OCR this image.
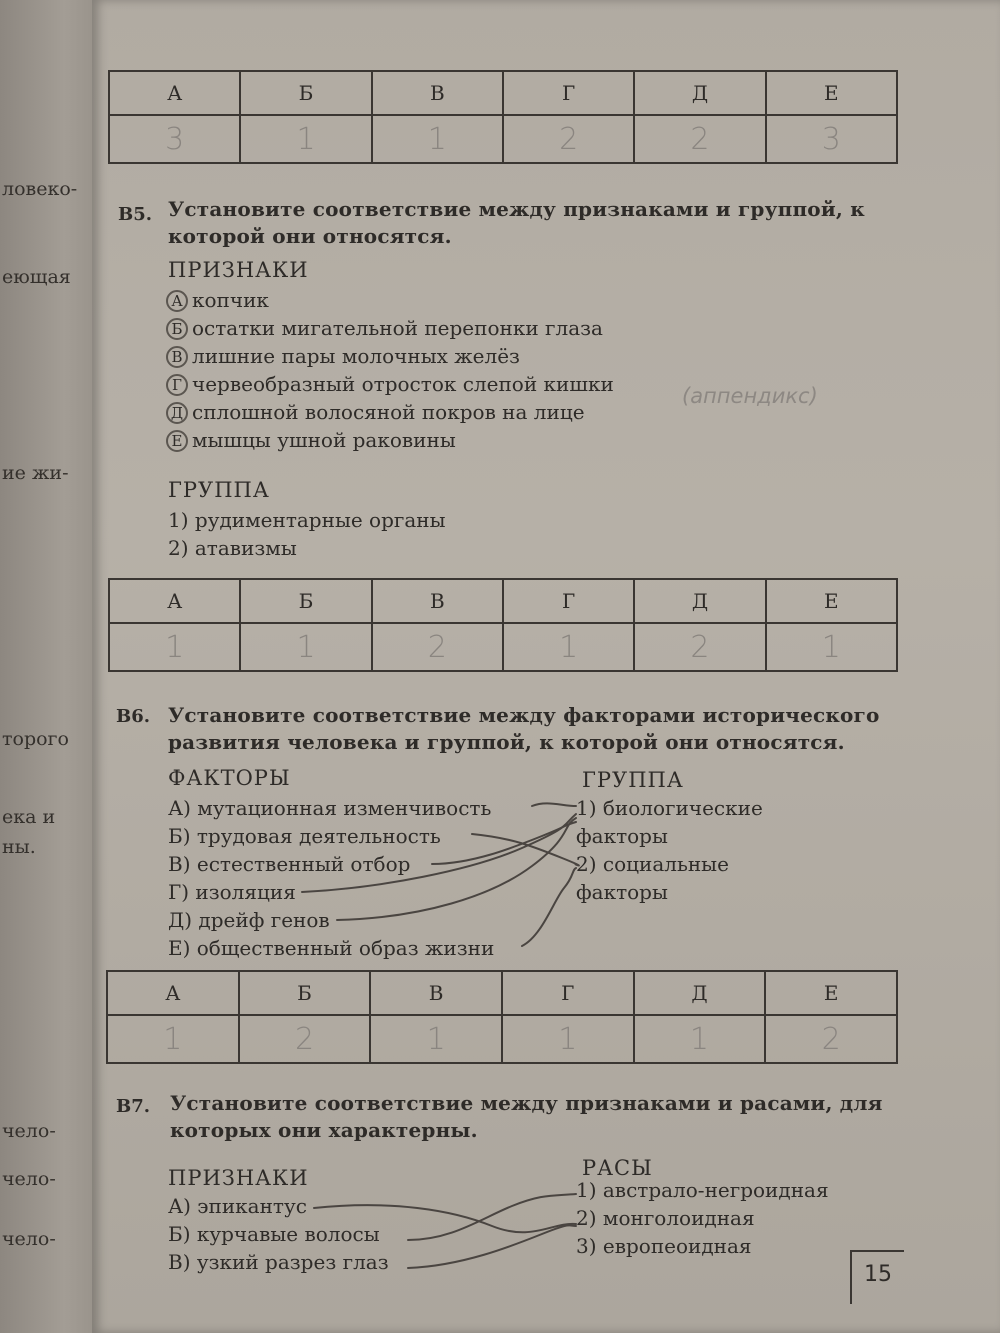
ловеко-
еющая
ие жи-
торого
ека и
ны.
чело-
чело-
чело-
А	Б	В	Г	Д	Е
3	1	1	2	2	3
В5. Установите соответствие между признаками и группой, к которой они относятся.
ПРИЗНАКИ
А копчик
Б остатки мигательной перепонки глаза
В лишние пары молочных желёз
Г червеобразный отросток слепой кишки
Д сплошной волосяной покров на лице
Е мышцы ушной раковины
(аппендикс)
ГРУППА
1) рудиментарные органы
2) атавизмы
А	Б	В	Г	Д	Е
1	1	2	1	2	1
В6. Установите соответствие между факторами исторического развития человека и группой, к которой они относятся.
ФАКТОРЫ
А) мутационная изменчивость
Б) трудовая деятельность
В) естественный отбор
Г) изоляция
Д) дрейф генов
Е) общественный образ жизни
ГРУППА
1) биологические
факторы
2) социальные
факторы
А	Б	В	Г	Д	Е
1	2	1	1	1	2
В7. Установите соответствие между признаками и расами, для которых они характерны.
ПРИЗНАКИ
А) эпикантус
Б) курчавые волосы
В) узкий разрез глаз
РАСЫ
1) австрало-негроидная
2) монголоидная
3) европеоидная
15
